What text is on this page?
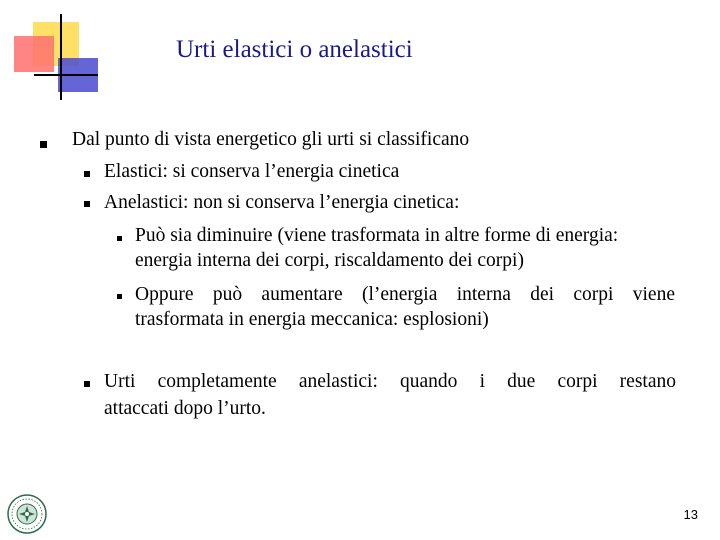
Urti elastici o anelastici
Dal punto di vista energetico gli urti si classificano
Elastici: si conserva l’energia cinetica
Anelastici: non si conserva l’energia cinetica:
Può sia diminuire (viene trasformata in altre forme di energia:
energia interna dei corpi, riscaldamento dei corpi)
Oppure può aumentare (l’energia interna dei corpi viene
trasformata in energia meccanica: esplosioni)
Urti completamente anelastici: quando i due corpi restano
attaccati dopo l’urto.
13
